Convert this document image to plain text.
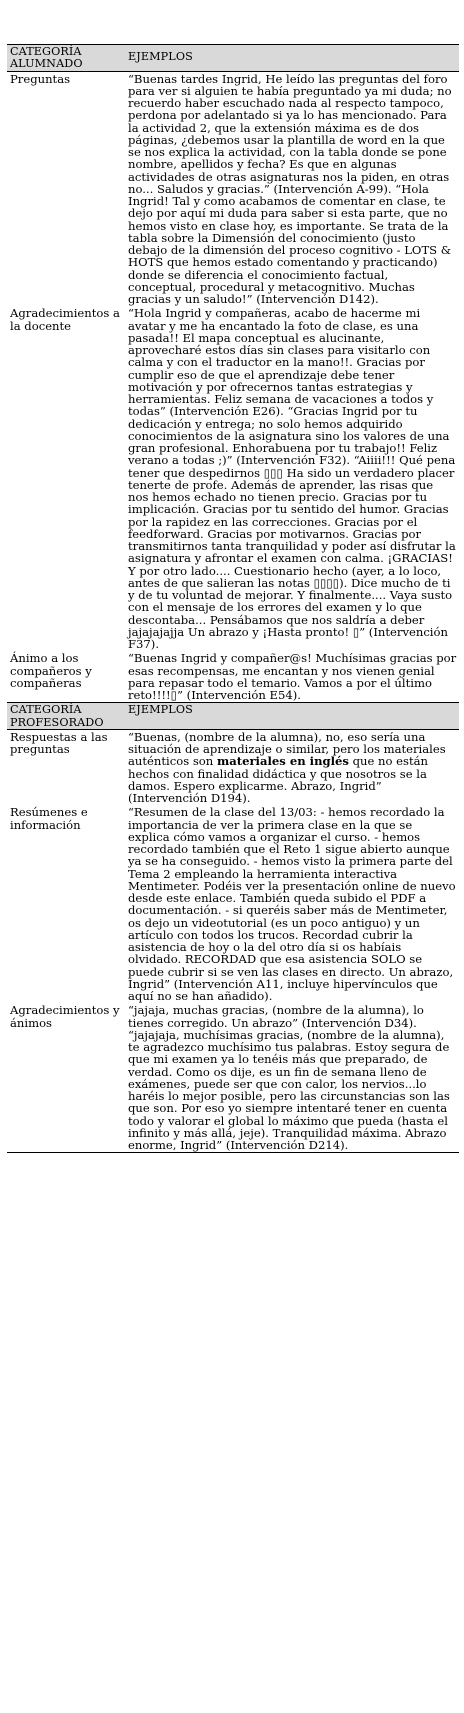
CATEGORÍA ALUMNADO	EJEMPLOS
Preguntas	“Buenas tardes Ingrid, He leído las preguntas del foro para ver si alguien te había preguntado ya mi duda; no recuerdo haber escuchado nada al respecto tampoco, perdona por adelantado si ya lo has mencionado. Para la actividad 2, que la extensión máxima es de dos páginas, ¿debemos usar la plantilla de word en la que se nos explica la actividad, con la tabla donde se pone nombre, apellidos y fecha? Es que en algunas actividades de otras asignaturas nos la piden, en otras no... Saludos y gracias.” (Intervención A-99). “Hola Ingrid! Tal y como acabamos de comentar en clase, te dejo por aquí mi duda para saber si esta parte, que no hemos visto en clase hoy, es importante. Se trata de la tabla sobre la Dimensión del conocimiento (justo debajo de la dimensión del proceso cognitivo - LOTS & HOTS que hemos estado comentando y practicando) donde se diferencia el conocimiento factual, conceptual, procedural y metacognitivo. Muchas gracias y un saludo!” (Intervención D142).
Agradecimientos a la docente	“Hola Ingrid y compañeras, acabo de hacerme mi avatar y me ha encantado la foto de clase, es una pasada!! El mapa conceptual es alucinante, aprovecharé estos días sin clases para visitarlo con calma y con el traductor en la mano!!. Gracias por cumplir eso de que el aprendizaje debe tener motivación y por ofrecernos tantas estrategias y herramientas. Feliz semana de vacaciones a todos y todas” (Intervención E26). “Gracias Ingrid por tu dedicación y entrega; no solo hemos adquirido conocimientos de la asignatura sino los valores de una gran profesional. Enhorabuena por tu trabajo!! Feliz verano a todas ;)” (Intervención F32). “Aiiii!!! Qué pena tener que despedirnos ▯▯▯ Ha sido un verdadero placer tenerte de profe. Además de aprender, las risas que nos hemos echado no tienen precio. Gracias por tu implicación. Gracias por tu sentido del humor. Gracias por la rapidez en las correcciones. Gracias por el feedforward. Gracias por motivarnos. Gracias por transmitirnos tanta tranquilidad y poder así disfrutar la asignatura y afrontar el examen con calma. ¡GRACIAS! Y por otro lado.... Cuestionario hecho (ayer, a lo loco, antes de que salieran las notas ▯▯▯▯). Dice mucho de ti y de tu voluntad de mejorar. Y finalmente.... Vaya susto con el mensaje de los errores del examen y lo que descontaba... Pensábamos que nos saldría a deber jajajajajja Un abrazo y ¡Hasta pronto! ▯” (Intervención F37).
Ánimo a los compañeros y compañeras	“Buenas Ingrid y compañer@s! Muchísimas gracias por esas recompensas, me encantan y nos vienen genial para repasar todo el temario. Vamos a por el último reto!!!!▯” (Intervención E54).
CATEGORÍA PROFESORADO	EJEMPLOS
Respuestas a las preguntas	“Buenas, (nombre de la alumna), no, eso sería una situación de aprendizaje o similar, pero los materiales auténticos son materiales en inglés que no están hechos con finalidad didáctica y que nosotros se la damos. Espero explicarme. Abrazo, Ingrid” (Intervención D194).
Resúmenes e información	“Resumen de la clase del 13/03: - hemos recordado la importancia de ver la primera clase en la que se explica cómo vamos a organizar el curso. - hemos recordado también que el Reto 1 sigue abierto aunque ya se ha conseguido. - hemos visto la primera parte del Tema 2 empleando la herramienta interactiva Mentimeter. Podéis ver la presentación online de nuevo desde este enlace. También queda subido el PDF a documentación. - si queréis saber más de Mentimeter, os dejo un videotutorial (es un poco antiguo) y un artículo con todos los trucos. Recordad cubrir la asistencia de hoy o la del otro día si os habíais olvidado. RECORDAD que esa asistencia SOLO se puede cubrir si se ven las clases en directo. Un abrazo, Ingrid” (Intervención A11, incluye hipervínculos que aquí no se han añadido).
Agradecimientos y ánimos	“jajaja, muchas gracias, (nombre de la alumna), lo tienes corregido. Un abrazo” (Intervención D34). “jajajaja, muchísimas gracias, (nombre de la alumna), te agradezco muchísimo tus palabras. Estoy segura de que mi examen ya lo tenéis más que preparado, de verdad. Como os dije, es un fin de semana lleno de exámenes, puede ser que con calor, los nervios...lo haréis lo mejor posible, pero las circunstancias son las que son. Por eso yo siempre intentaré tener en cuenta todo y valorar el global lo máximo que pueda (hasta el infinito y más allá, jeje). Tranquilidad máxima. Abrazo enorme, Ingrid” (Intervención D214).
